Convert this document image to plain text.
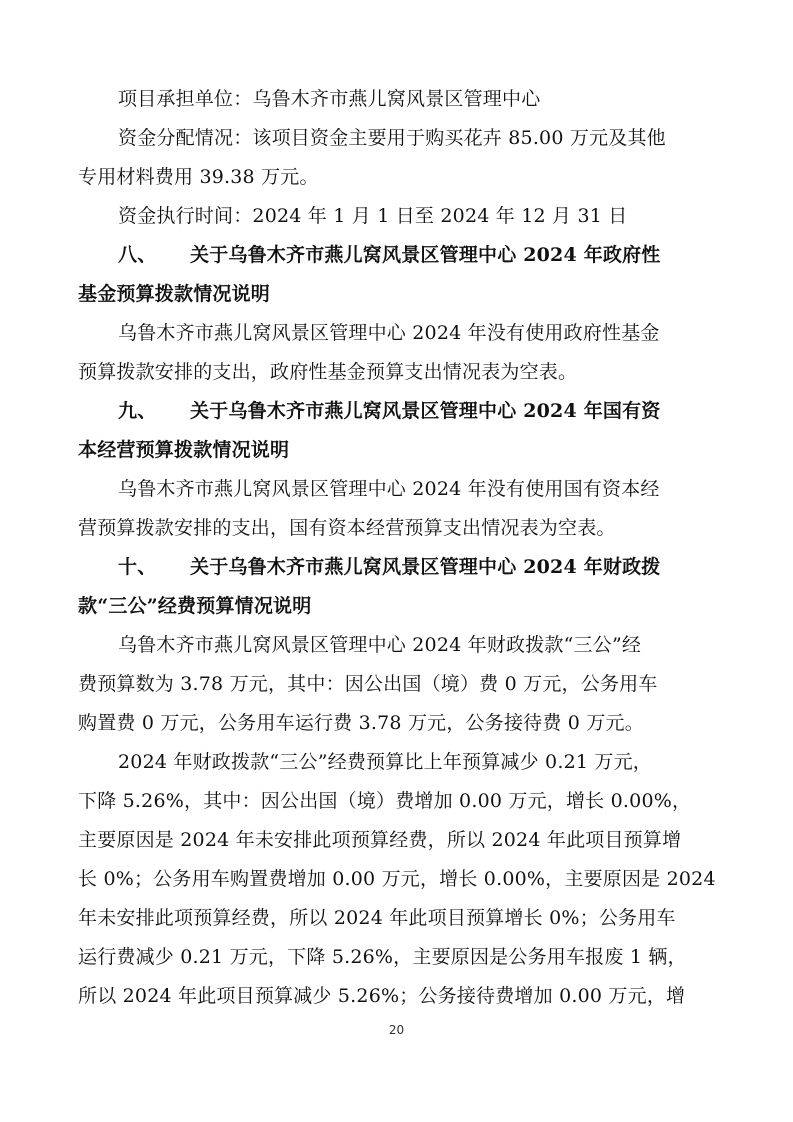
项目承担单位：乌鲁木齐市燕儿窝风景区管理中心
资金分配情况：该项目资金主要用于购买花卉 85.00 万元及其他
专用材料费用 39.38 万元。
资金执行时间：2024 年 1 月 1 日至 2024 年 12 月 31 日
八、 关于乌鲁木齐市燕儿窝风景区管理中心 2024 年政府性
基金预算拨款情况说明
乌鲁木齐市燕儿窝风景区管理中心 2024 年没有使用政府性基金
预算拨款安排的支出，政府性基金预算支出情况表为空表。
九、 关于乌鲁木齐市燕儿窝风景区管理中心 2024 年国有资
本经营预算拨款情况说明
乌鲁木齐市燕儿窝风景区管理中心 2024 年没有使用国有资本经
营预算拨款安排的支出，国有资本经营预算支出情况表为空表。
十、 关于乌鲁木齐市燕儿窝风景区管理中心 2024 年财政拨
款“三公”经费预算情况说明
乌鲁木齐市燕儿窝风景区管理中心 2024 年财政拨款“三公”经
费预算数为 3.78 万元，其中：因公出国（境）费 0 万元，公务用车
购置费 0 万元，公务用车运行费 3.78 万元，公务接待费 0 万元。
2024 年财政拨款“三公”经费预算比上年预算减少 0.21 万元，
下降 5.26%，其中：因公出国（境）费增加 0.00 万元，增长 0.00%，
主要原因是 2024 年未安排此项预算经费，所以 2024 年此项目预算增
长 0%；公务用车购置费增加 0.00 万元，增长 0.00%，主要原因是 2024
年未安排此项预算经费，所以 2024 年此项目预算增长 0%；公务用车
运行费减少 0.21 万元，下降 5.26%，主要原因是公务用车报废 1 辆，
所以 2024 年此项目预算减少 5.26%；公务接待费增加 0.00 万元，增
20
